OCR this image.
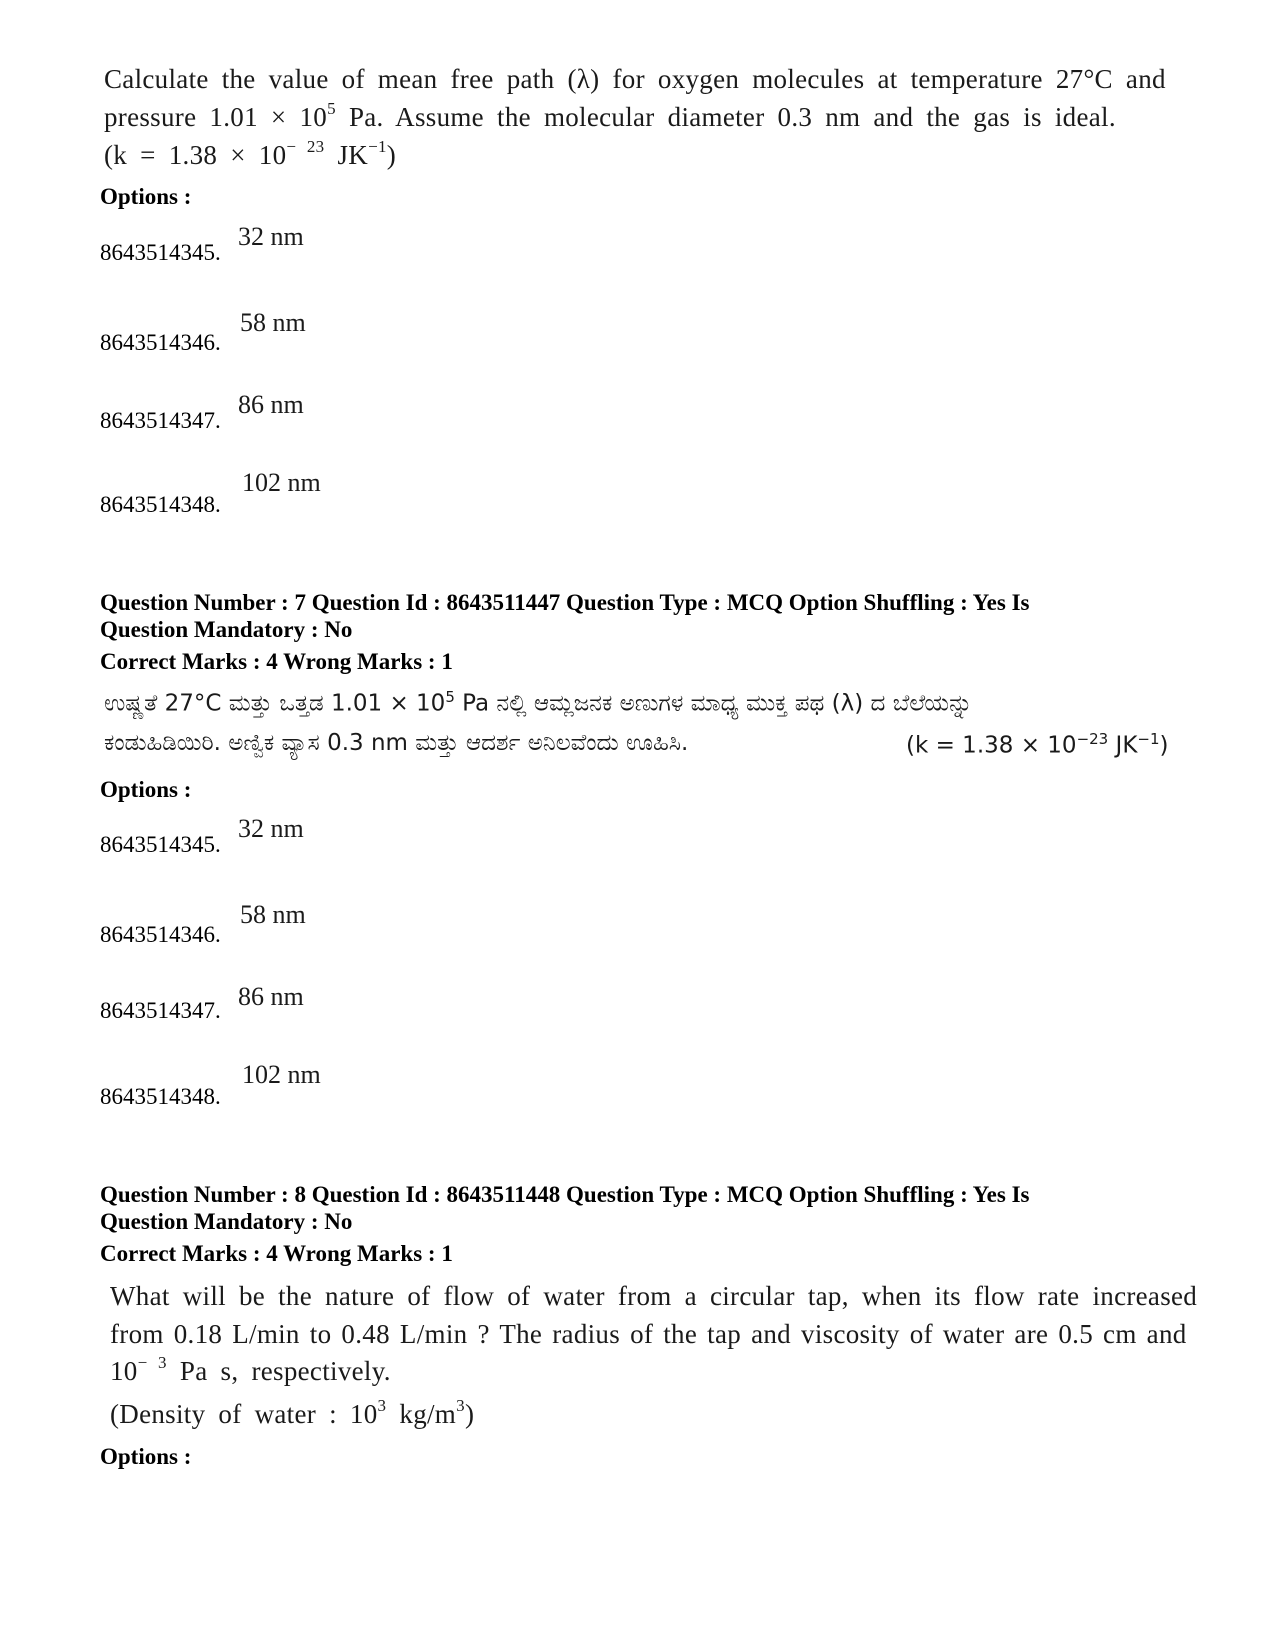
Calculate the value of mean free path (λ) for oxygen molecules at temperature 27°C and
pressure $1.01 \times 10^5$ Pa. Assume the molecular diameter 0.3 nm and the gas is ideal.
($k = 1.38 \times 10^{- 23}$ $JK^{-1}$)
Options :
8643514345.
32 nm
8643514346.
58 nm
8643514347.
86 nm
8643514348.
102 nm
Question Number : 7 Question Id : 8643511447 Question Type : MCQ Option Shuffling : Yes Is
Question Mandatory : No
Correct Marks : 4 Wrong Marks : 1
ಉಷ್ಣತೆ 27°C ಮತ್ತು ಒತ್ತಡ $1.01 \times 10^5$ Pa ನಲ್ಲಿ ಆಮ್ಲಜನಕ ಅಣುಗಳ ಮಾಧ್ಯ ಮುಕ್ತ ಪಥ (λ) ದ ಬೆಲೆಯನ್ನು
ಕಂಡುಹಿಡಿಯಿರಿ. ಅಣ್ವಿಕ ವ್ಯಾಸ 0.3 nm ಮತ್ತು ಆದರ್ಶ ಅನಿಲವೆಂದು ಊಹಿಸಿ.	($k = 1.38 \times 10^{-23}$ $JK^{-1}$)
Options :
8643514345.
32 nm
8643514346.
58 nm
8643514347. 86 nm
8643514348.
102 nm
Question Number : 8 Question Id : 8643511448 Question Type : MCQ Option Shuffling : Yes Is
Question Mandatory : No
Correct Marks : 4 Wrong Marks : 1
What will be the nature of flow of water from a circular tap, when its flow rate increased
from 0.18 L/min to 0.48 L/min ? The radius of the tap and viscosity of water are 0.5 cm and
$10^{- 3}$ Pa s, respectively.
(Density of water : $10^3$ $kg/m^3$)
Options :
